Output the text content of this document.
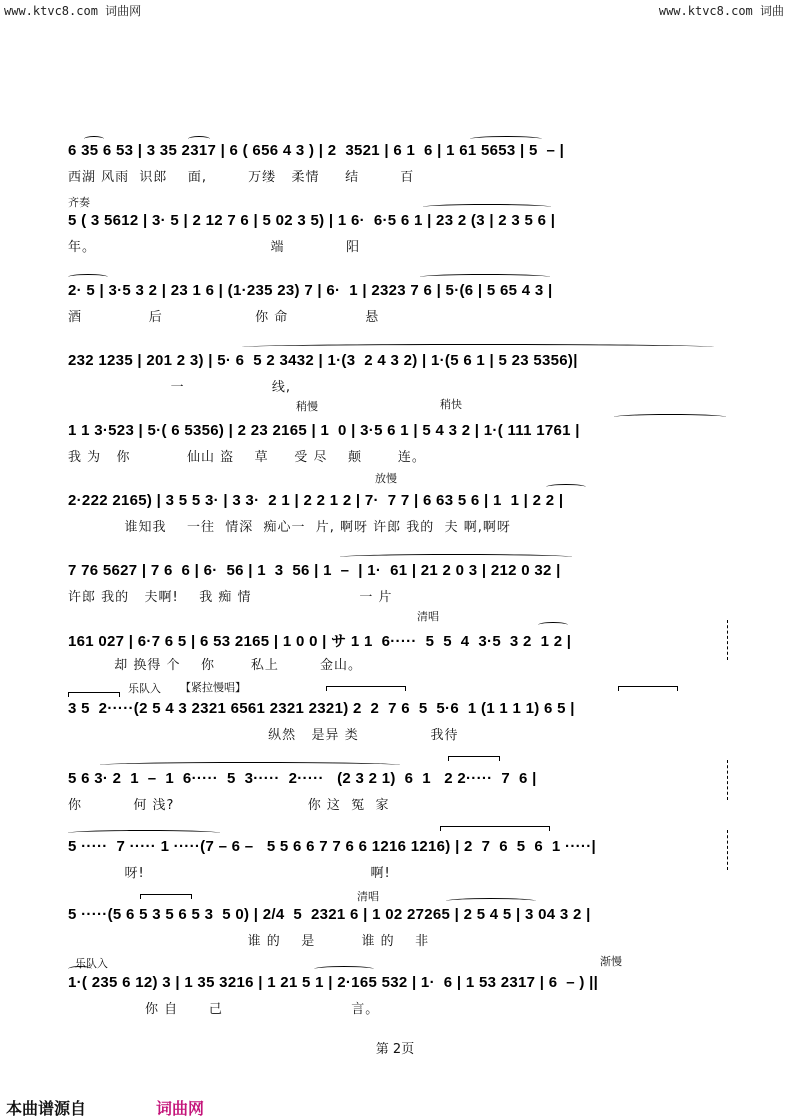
www.ktvc8.com 词曲网	www.ktvc8.com 词曲
齐奏
稍慢	稍快
放慢
清唱
乐队入 【紧拉慢唱】
清唱
乐队入	渐慢
6 35 6 53 | 3 35 2317 | 6 ( 656 4 3 ) | 2  3521 | 6 1  6 | 1 61 5653 | 5  – |
西湖 风雨  识郎    面,        万缕   柔情     结        百
5 ( 3 5612 | 3· 5 | 2 12 7 6 | 5 02 3 5) | 1 6·  6·5 6 1 | 23 2 (3 | 2 3 5 6 |
年。                                  端            阳
2· 5 | 3·5 3 2 | 23 1 6 | (1·235 23) 7 | 6·  1 | 2323 7 6 | 5·(6 | 5 65 4 3 |
酒             后                  你 命               悬
232 1235 | 201 2 3) | 5· 6  5 2 3432 | 1·(3  2 4 3 2) | 1·(5 6 1 | 5 23 5356)|
一                 线,
1 1 3·523 | 5·( 6 5356) | 2 23 2165 | 1  0 | 3·5 6 1 | 5 4 3 2 | 1·( 111 1761 |
我 为   你           仙山 盗    草     受 尽    颠       连。
2·222 2165) | 3 5 5 3· | 3 3·  2 1 | 2 2 1 2 | 7·  7 7 | 6 63 5 6 | 1  1 | 2 2 |
谁知我    一往  情深  痴心一  片, 啊呀 许郎 我的  夫 啊,啊呀
7 76 5627 | 7 6  6 | 6·  56 | 1  3  56 | 1  –  | 1·  61 | 21 2 0 3 | 212 0 32 |
许郎 我的   夫啊!    我 痴 情                     一 片
161 027 | 6·7 6 5 | 6 53 2165 | 1 0 0 | サ 1 1  6·····  5  5  4  3·5  3 2  1 2 |
却 换得 个    你       私上        金山。
3 5  2·····(2 5 4 3 2321 6561 2321 2321) 2  2  7 6  5  5·6  1 (1 1 1 1) 6 5 |
纵然   是异 类              我待
5 6 3· 2  1  –  1  6·····  5  3·····  2·····   (2 3 2 1)  6  1   2 2·····  7  6 |
你          何 浅?                          你 这  冤  家
5 ·····  7 ····· 1 ·····(7 – 6 –   5 5 6 6 7 7 6 6 1216 1216) | 2  7  6  5  6  1 ·····|
呀!                                            啊!
5 ·····(5 6 5 3 5 6 5 3  5 0) | 2/4  5  2321 6 | 1 02 27265 | 2 5 4 5 | 3 04 3 2 |
谁 的    是         谁 的    非
1·( 235 6 12) 3 | 1 35 3216 | 1 21 5 1 | 2·165 532 | 1·  6 | 1 53 2317 | 6  – ) ||
你 自      己                         言。
第 2页
本曲谱源自	词曲网
